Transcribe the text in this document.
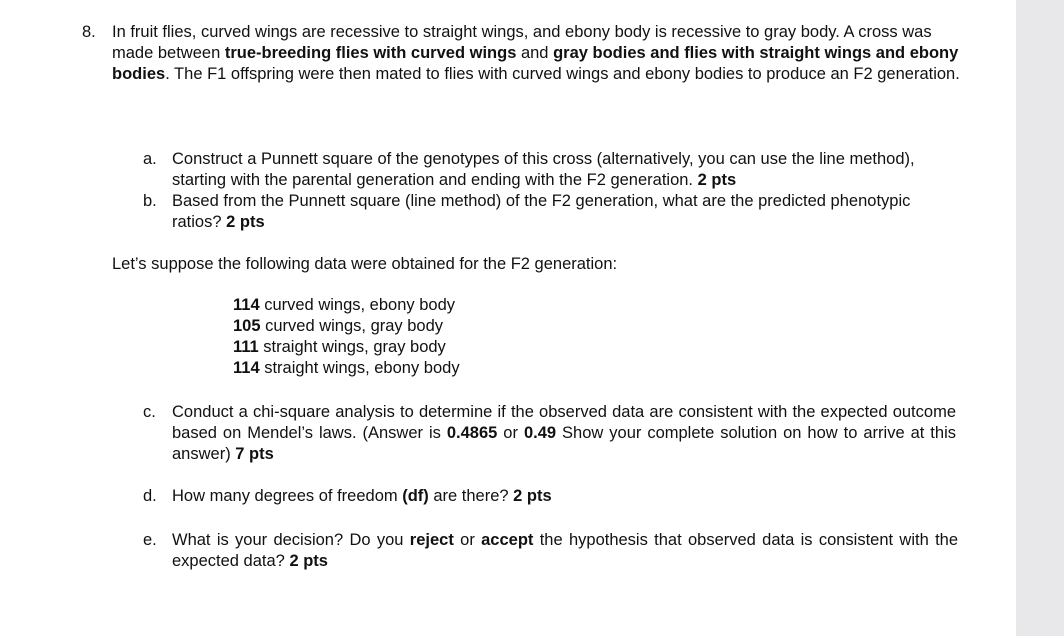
8. In fruit flies, curved wings are recessive to straight wings, and ebony body is recessive to gray body. A cross was made between true-breeding flies with curved wings and gray bodies and flies with straight wings and ebony bodies. The F1 offspring were then mated to flies with curved wings and ebony bodies to produce an F2 generation.
a. Construct a Punnett square of the genotypes of this cross (alternatively, you can use the line method), starting with the parental generation and ending with the F2 generation. 2 pts
b. Based from the Punnett square (line method) of the F2 generation, what are the predicted phenotypic ratios? 2 pts
Let’s suppose the following data were obtained for the F2 generation:
114 curved wings, ebony body
105 curved wings, gray body
111 straight wings, gray body
114 straight wings, ebony body
c. Conduct a chi-square analysis to determine if the observed data are consistent with the expected outcome based on Mendel’s laws. (Answer is 0.4865 or 0.49 Show your complete solution on how to arrive at this answer) 7 pts
d. How many degrees of freedom (df) are there? 2 pts
e. What is your decision? Do you reject or accept the hypothesis that observed data is consistent with the expected data? 2 pts
